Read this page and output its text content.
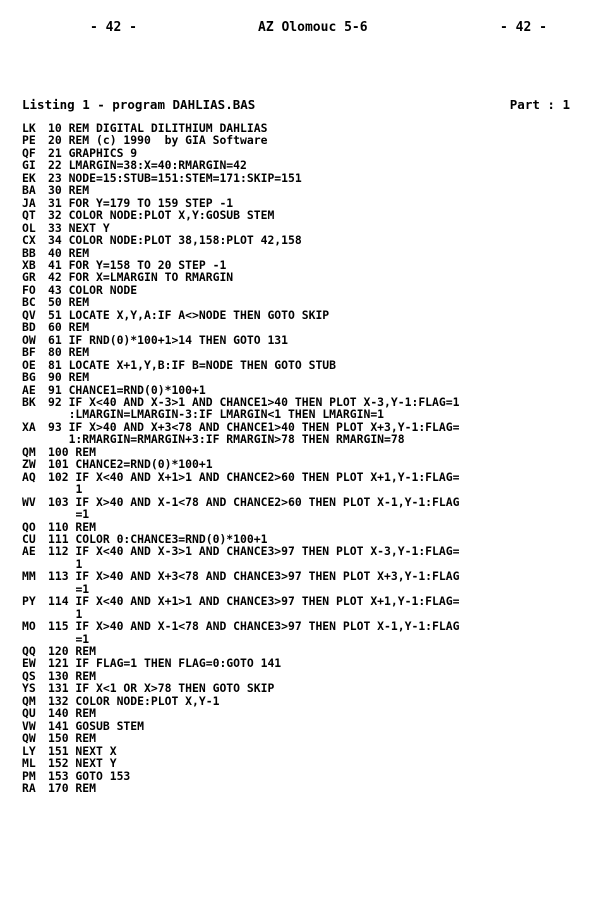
- 42 -	AZ Olomouc 5-6	- 42 -
Listing 1 - program DAHLIAS.BAS	Part : 1
LK	10 REM DIGITAL DILITHIUM DAHLIAS
PE	20 REM (c) 1990  by GIA Software
QF	21 GRAPHICS 9
GI	22 LMARGIN=38:X=40:RMARGIN=42
EK	23 NODE=15:STUB=151:STEM=171:SKIP=151
BA	30 REM
JA	31 FOR Y=179 TO 159 STEP -1
QT	32 COLOR NODE:PLOT X,Y:GOSUB STEM
OL	33 NEXT Y
CX	34 COLOR NODE:PLOT 38,158:PLOT 42,158
BB	40 REM
XB	41 FOR Y=158 TO 20 STEP -1
GR	42 FOR X=LMARGIN TO RMARGIN
FO	43 COLOR NODE
BC	50 REM
QV	51 LOCATE X,Y,A:IF A<>NODE THEN GOTO SKIP
BD	60 REM
OW	61 IF RND(0)*100+1>14 THEN GOTO 131
BF	80 REM
OE	81 LOCATE X+1,Y,B:IF B=NODE THEN GOTO STUB
BG	90 REM
AE	91 CHANCE1=RND(0)*100+1
BK	92 IF X<40 AND X-3>1 AND CHANCE1>40 THEN PLOT X-3,Y-1:FLAG=1
:LMARGIN=LMARGIN-3:IF LMARGIN<1 THEN LMARGIN=1
XA	93 IF X>40 AND X+3<78 AND CHANCE1>40 THEN PLOT X+3,Y-1:FLAG=
1:RMARGIN=RMARGIN+3:IF RMARGIN>78 THEN RMARGIN=78
QM	100 REM
ZW	101 CHANCE2=RND(0)*100+1
AQ	102 IF X<40 AND X+1>1 AND CHANCE2>60 THEN PLOT X+1,Y-1:FLAG=
1
WV	103 IF X>40 AND X-1<78 AND CHANCE2>60 THEN PLOT X-1,Y-1:FLAG
=1
QO	110 REM
CU	111 COLOR 0:CHANCE3=RND(0)*100+1
AE	112 IF X<40 AND X-3>1 AND CHANCE3>97 THEN PLOT X-3,Y-1:FLAG=
1
MM	113 IF X>40 AND X+3<78 AND CHANCE3>97 THEN PLOT X+3,Y-1:FLAG
=1
PY	114 IF X<40 AND X+1>1 AND CHANCE3>97 THEN PLOT X+1,Y-1:FLAG=
1
MO	115 IF X>40 AND X-1<78 AND CHANCE3>97 THEN PLOT X-1,Y-1:FLAG
=1
QQ	120 REM
EW	121 IF FLAG=1 THEN FLAG=0:GOTO 141
QS	130 REM
YS	131 IF X<1 OR X>78 THEN GOTO SKIP
QM	132 COLOR NODE:PLOT X,Y-1
QU	140 REM
VW	141 GOSUB STEM
QW	150 REM
LY	151 NEXT X
ML	152 NEXT Y
PM	153 GOTO 153
RA	170 REM
